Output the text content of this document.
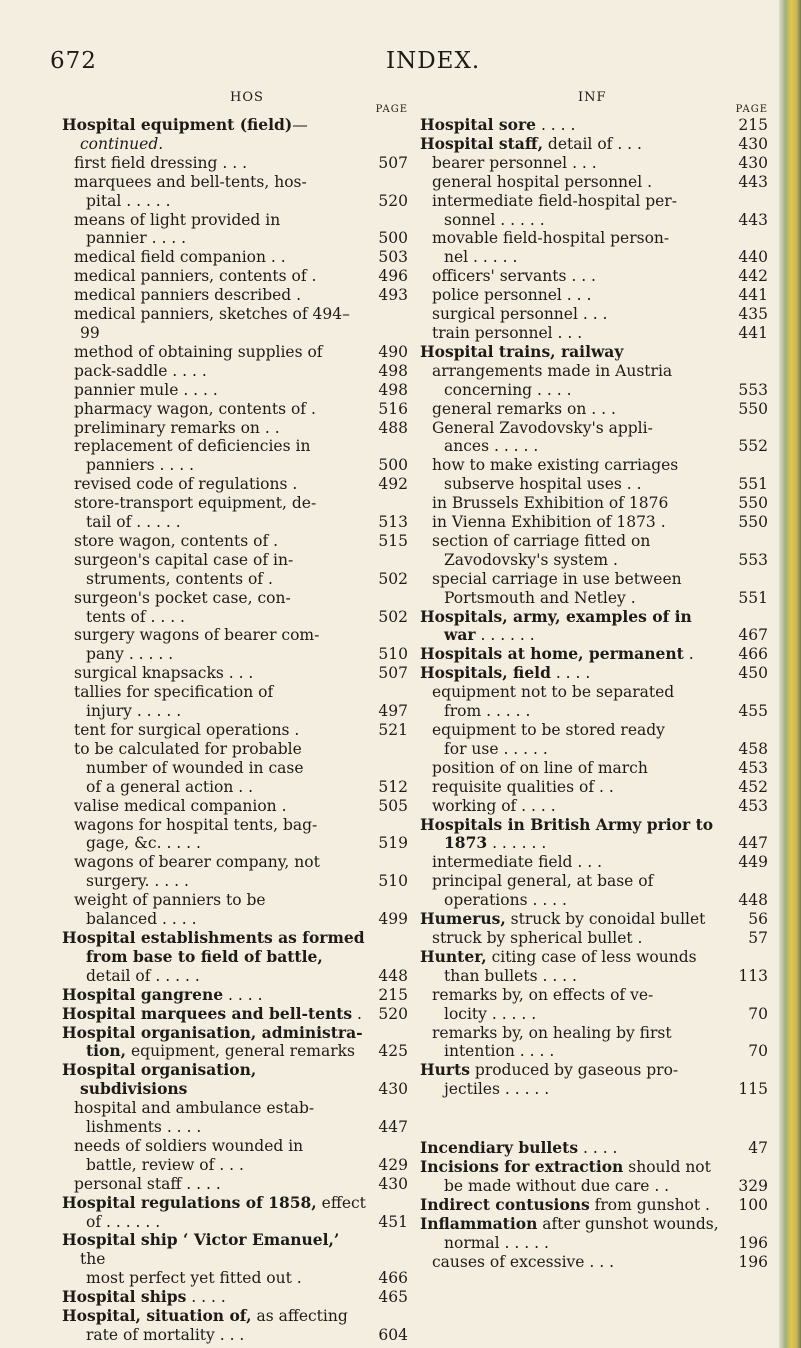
672	INDEX.
HOS	INF
PAGE
Hospital equipment (field)—continued.
first field dressing . . .	507
marquees and bell-tents, hos-
pital . . . . .	520
means of light provided in
pannier . . . .	500
medical field companion . .	503
medical panniers, contents of .	496
medical panniers described .	493
medical panniers, sketches of 494–99
method of obtaining supplies of	490
pack-saddle . . . .	498
pannier mule . . . .	498
pharmacy wagon, contents of .	516
preliminary remarks on . .	488
replacement of deficiencies in
panniers . . . .	500
revised code of regulations .	492
store-transport equipment, de-
tail of . . . . .	513
store wagon, contents of .	515
surgeon's capital case of in-
struments, contents of .	502
surgeon's pocket case, con-
tents of . . . .	502
surgery wagons of bearer com-
pany . . . . .	510
surgical knapsacks . . .	507
tallies for specification of
injury . . . . .	497
tent for surgical operations .	521
to be calculated for probable
number of wounded in case
of a general action . .	512
valise medical companion .	505
wagons for hospital tents, bag-
gage, &c. . . . .	519
wagons of bearer company, not
surgery. . . . .	510
weight of panniers to be
balanced . . . .	499
Hospital establishments as formed
from base to field of battle,
detail of . . . . .	448
Hospital gangrene . . . .	215
Hospital marquees and bell-tents .	520
Hospital organisation, administra-
tion, equipment, general remarks	425
Hospital organisation, subdivisions	430
hospital and ambulance estab-
lishments . . . .	447
needs of soldiers wounded in
battle, review of . . .	429
personal staff . . . .	430
Hospital regulations of 1858, effect
of . . . . . .	451
Hospital ship ‘ Victor Emanuel,’ the
most perfect yet fitted out .	466
Hospital ships . . . .	465
Hospital, situation of, as affecting
rate of mortality . . .	604
PAGE
Hospital sore . . . .	215
Hospital staff, detail of . . .	430
bearer personnel . . .	430
general hospital personnel .	443
intermediate field-hospital per-
sonnel . . . . .	443
movable field-hospital person-
nel . . . . .	440
officers' servants . . .	442
police personnel . . .	441
surgical personnel . . .	435
train personnel . . .	441
Hospital trains, railway
arrangements made in Austria
concerning . . . .	553
general remarks on . . .	550
General Zavodovsky's appli-
ances . . . . .	552
how to make existing carriages
subserve hospital uses . .	551
in Brussels Exhibition of 1876	550
in Vienna Exhibition of 1873 .	550
section of carriage fitted on
Zavodovsky's system .	553
special carriage in use between
Portsmouth and Netley .	551
Hospitals, army, examples of in
war . . . . . .	467
Hospitals at home, permanent .	466
Hospitals, field . . . .	450
equipment not to be separated
from . . . . .	455
equipment to be stored ready
for use . . . . .	458
position of on line of march	453
requisite qualities of . .	452
working of . . . .	453
Hospitals in British Army prior to
1873 . . . . . .	447
intermediate field . . .	449
principal general, at base of
operations . . . .	448
Humerus, struck by conoidal bullet	56
struck by spherical bullet .	57
Hunter, citing case of less wounds
than bullets . . . .	113
remarks by, on effects of ve-
locity . . . . .	70
remarks by, on healing by first
intention . . . .	70
Hurts produced by gaseous pro-
jectiles . . . . .	115
Incendiary bullets . . . .	47
Incisions for extraction should not
be made without due care . .	329
Indirect contusions from gunshot .	100
Inflammation after gunshot wounds,
normal . . . . .	196
causes of excessive . . .	196
